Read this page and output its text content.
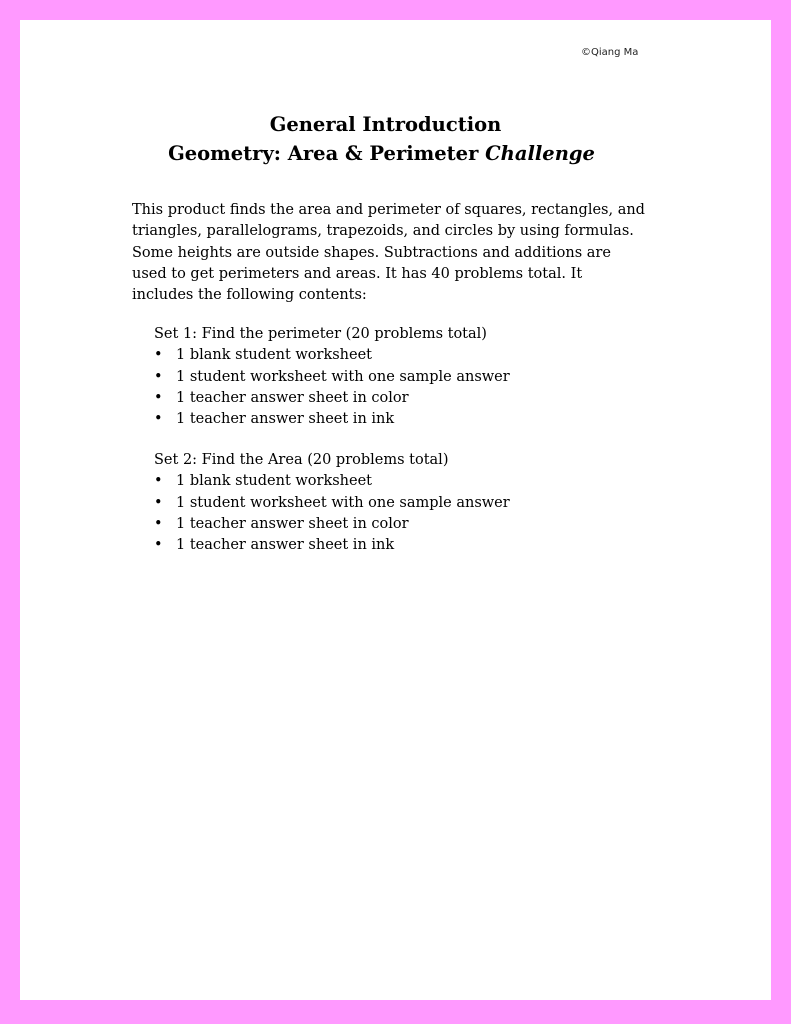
©Qiang Ma
General Introduction
Geometry: Area & Perimeter Challenge

This product finds the area and perimeter of squares, rectangles, and
triangles, parallelograms, trapezoids, and circles by using formulas.
Some heights are outside shapes. Subtractions and additions are
used to get perimeters and areas. It has 40 problems total. It
includes the following contents:

Set 1: Find the perimeter (20 problems total)
• 1 blank student worksheet
• 1 student worksheet with one sample answer
• 1 teacher answer sheet in color
• 1 teacher answer sheet in ink
Set 2: Find the Area (20 problems total)
• 1 blank student worksheet
• 1 student worksheet with one sample answer
• 1 teacher answer sheet in color
• 1 teacher answer sheet in ink
